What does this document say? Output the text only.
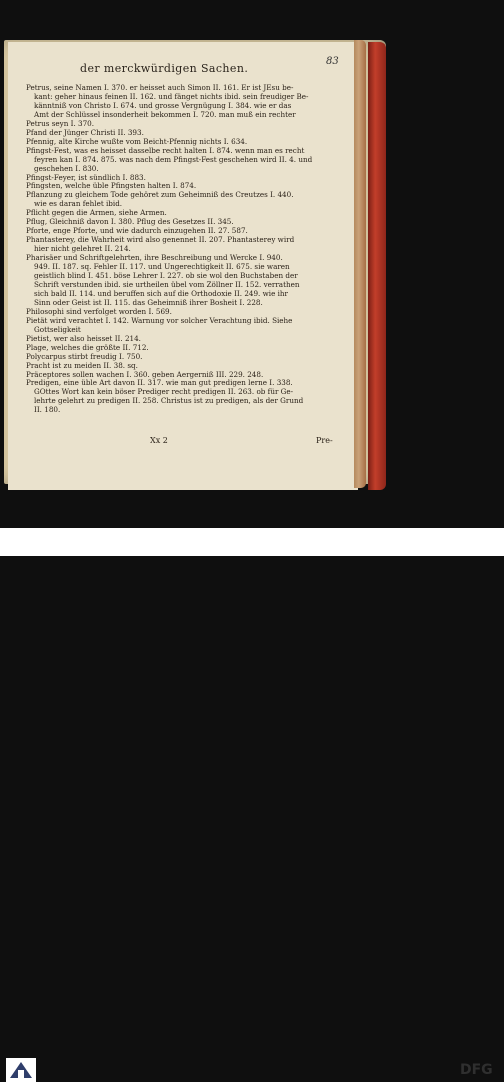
der merckwürdigen Sachen.
83
Petrus, seine Namen I. 370. er heisset auch Simon II. 161. Er ist JEsu be-
kant: geher hinaus feinen II. 162. und fänget nichts ibid. sein freudiger Be-
känntniß von Christo I. 674. und grosse Vergnügung I. 384. wie er das
Amt der Schlüssel insonderheit bekommen I. 720. man muß ein rechter
Petrus seyn I. 370.
Pfand der Jünger Christi II. 393.
Pfennig, alte Kirche wußte vom Beicht-Pfennig nichts I. 634.
Pfingst-Fest, was es heisset dasselbe recht halten I. 874. wenn man es recht
feyren kan I. 874. 875. was nach dem Pfingst-Fest geschehen wird II. 4. und
geschehen I. 830.
Pfingst-Feyer, ist sündlich I. 883.
Pfingsten, welche üble Pfingsten halten I. 874.
Pflanzung zu gleichem Tode gehöret zum Geheimniß des Creutzes I. 440.
wie es daran fehlet ibid.
Pflicht gegen die Armen, siehe Armen.
Pflug, Gleichniß davon I. 380. Pflug des Gesetzes II. 345.
Pforte, enge Pforte, und wie dadurch einzugehen II. 27. 587.
Phantasterey, die Wahrheit wird also genennet II. 207. Phantasterey wird
hier nicht gelehret II. 214.
Pharisäer und Schriftgelehrten, ihre Beschreibung und Wercke I. 940.
949. II. 187. sq. Fehler II. 117. und Ungerechtigkeit II. 675. sie waren
geistlich blind I. 451. böse Lehrer I. 227. ob sie wol den Buchstaben der
Schrift verstunden ibid. sie urtheilen übel vom Zöllner II. 152. verrathen
sich bald II. 114. und beruffen sich auf die Orthodoxie II. 249. wie ihr
Sinn oder Geist ist II. 115. das Geheimniß ihrer Bosheit I. 228.
Philosophi sind verfolget worden I. 569.
Pietät wird verachtet I. 142. Warnung vor solcher Verachtung ibid. Siehe
Gottseligkeit
Pietist, wer also heisset II. 214.
Plage, welches die größte II. 712.
Polycarpus stirbt freudig I. 750.
Pracht ist zu meiden II. 38. sq.
Präceptores sollen wachen I. 360. geben Aergerniß III. 229. 248.
Predigen, eine üble Art davon II. 317. wie man gut predigen lerne I. 338.
GOttes Wort kan kein böser Prediger recht predigen II. 263. ob für Ge-
lehrte gelehrt zu predigen II. 258. Christus ist zu predigen, als der Grund
II. 180.
Xx 2	Pre-
DFG
